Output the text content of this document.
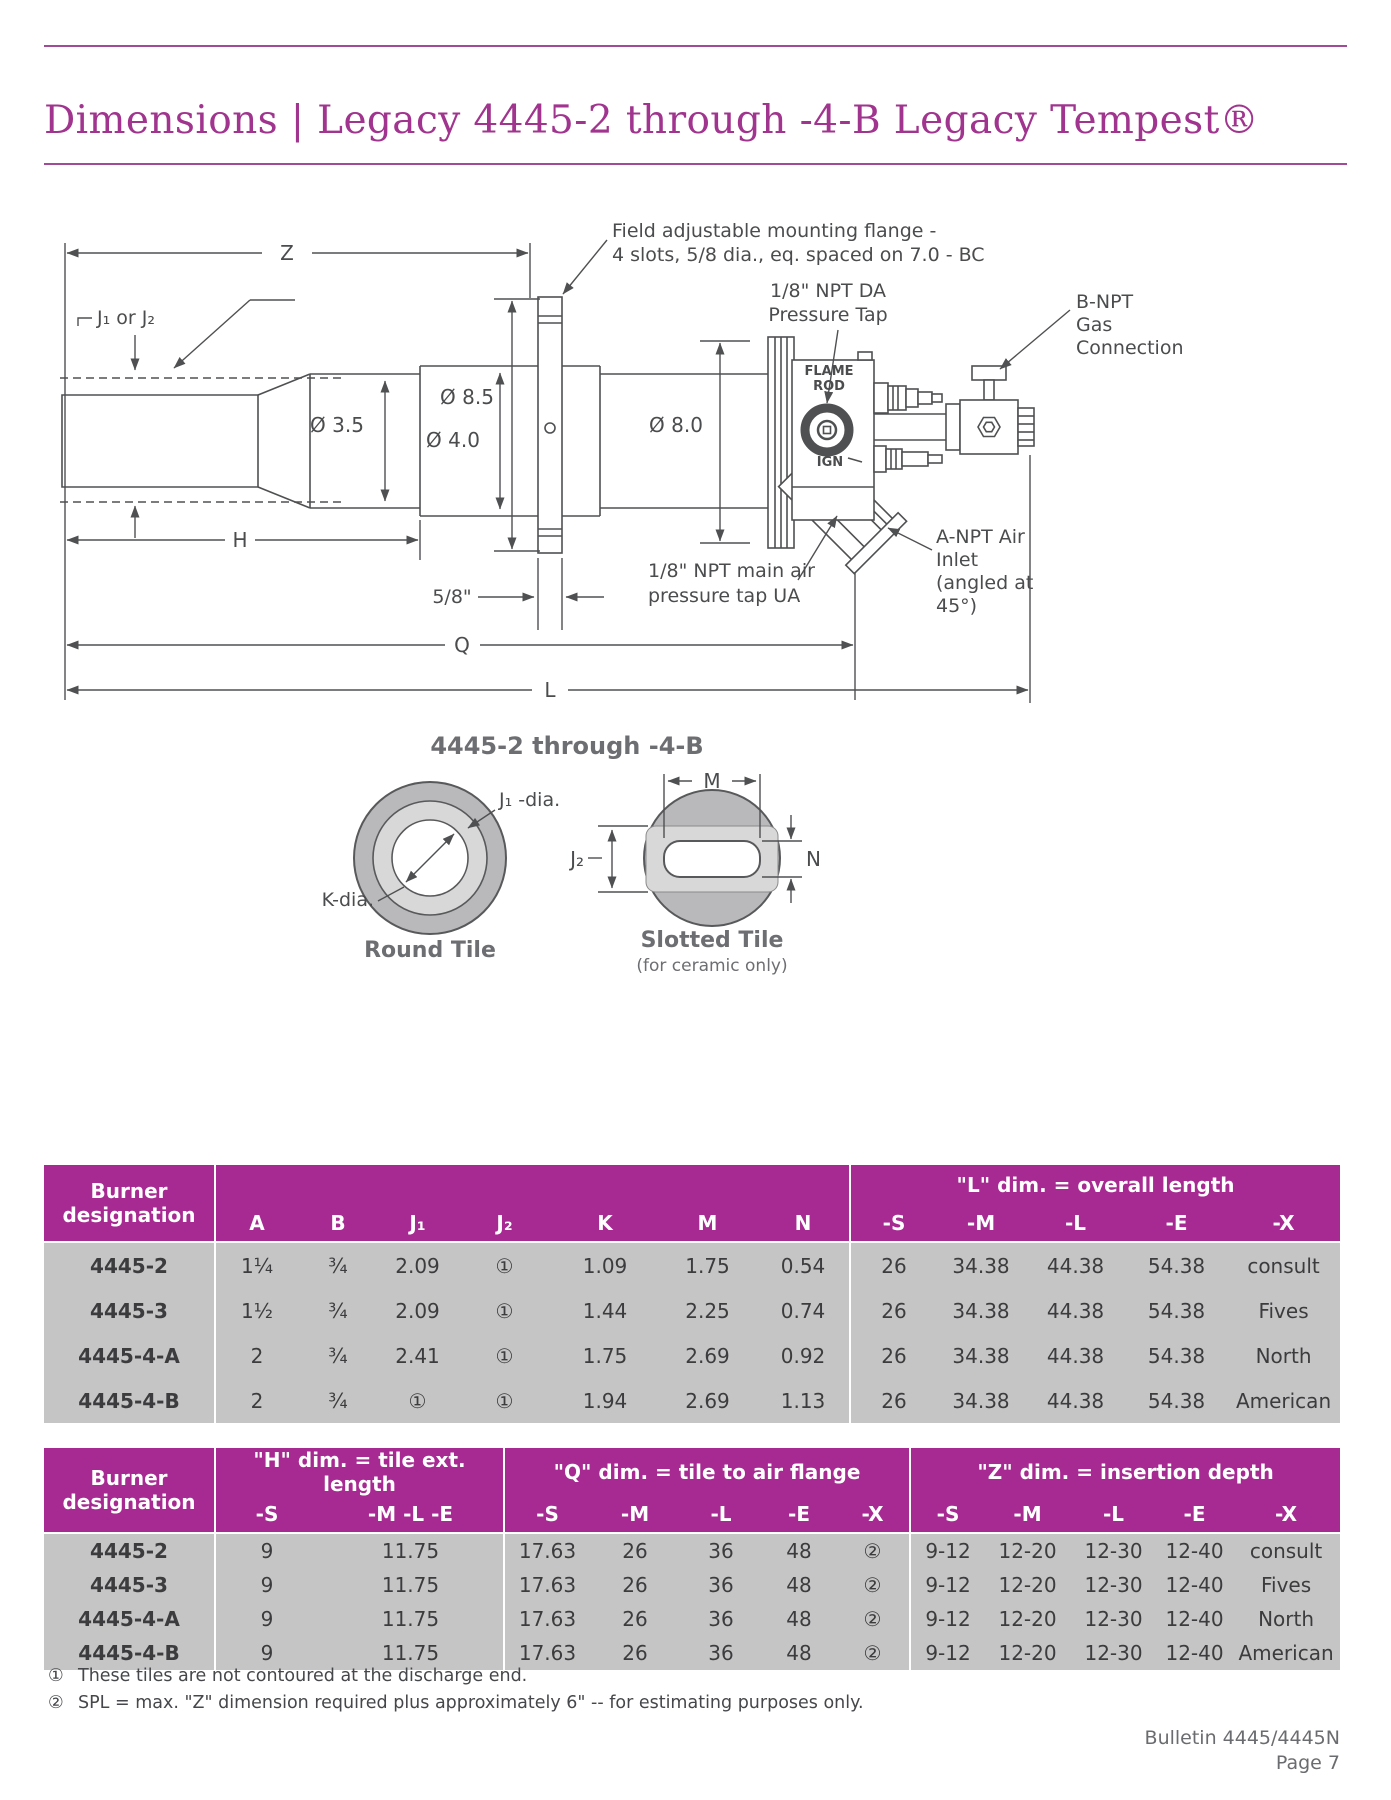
Dimensions | Legacy 4445-2 through -4-B Legacy Tempest®
Z
H
Q
L
5/8"
Ø 3.5
Ø 4.0
Ø 8.5
Ø 8.0
J₁ or J₂
Field adjustable mounting flange -
4 slots, 5/8 dia., eq. spaced on 7.0 - BC
1/8" NPT DA
Pressure Tap
B-NPT
Gas
Connection
FLAME
ROD
IGN
A-NPT Air
Inlet
(angled at
45°)
1/8" NPT main air
pressure tap UA
4445-2 through -4-B
J₁ -dia.
K-dia.
Round Tile
M
N
J₂
Slotted Tile
(for ceramic only)
Burner
designation								"L" dim. = overall length				
	A	B	J₁	J₂	K	M	N	-S	-M	-L	-E	-X
4445-2	1¼	¾	2.09	①	1.09	1.75	0.54	26	34.38	44.38	54.38	consult
4445-3	1½	¾	2.09	①	1.44	2.25	0.74	26	34.38	44.38	54.38	Fives
4445-4-A	2	¾	2.41	①	1.75	2.69	0.92	26	34.38	44.38	54.38	North
4445-4-B	2	¾	①	①	1.94	2.69	1.13	26	34.38	44.38	54.38	American
Burner
designation	"H" dim. = tile ext. length		"Q" dim. = tile to air flange					"Z" dim. = insertion depth				
	-S	-M -L -E	-S	-M	-L	-E	-X	-S	-M	-L	-E	-X
4445-2	9	11.75	17.63	26	36	48	②	9-12	12-20	12-30	12-40	consult
4445-3	9	11.75	17.63	26	36	48	②	9-12	12-20	12-30	12-40	Fives
4445-4-A	9	11.75	17.63	26	36	48	②	9-12	12-20	12-30	12-40	North
4445-4-B	9	11.75	17.63	26	36	48	②	9-12	12-20	12-30	12-40	American
① These tiles are not contoured at the discharge end.
② SPL = max. "Z" dimension required plus approximately 6" -- for estimating purposes only.
Bulletin 4445/4445N
Page 7
